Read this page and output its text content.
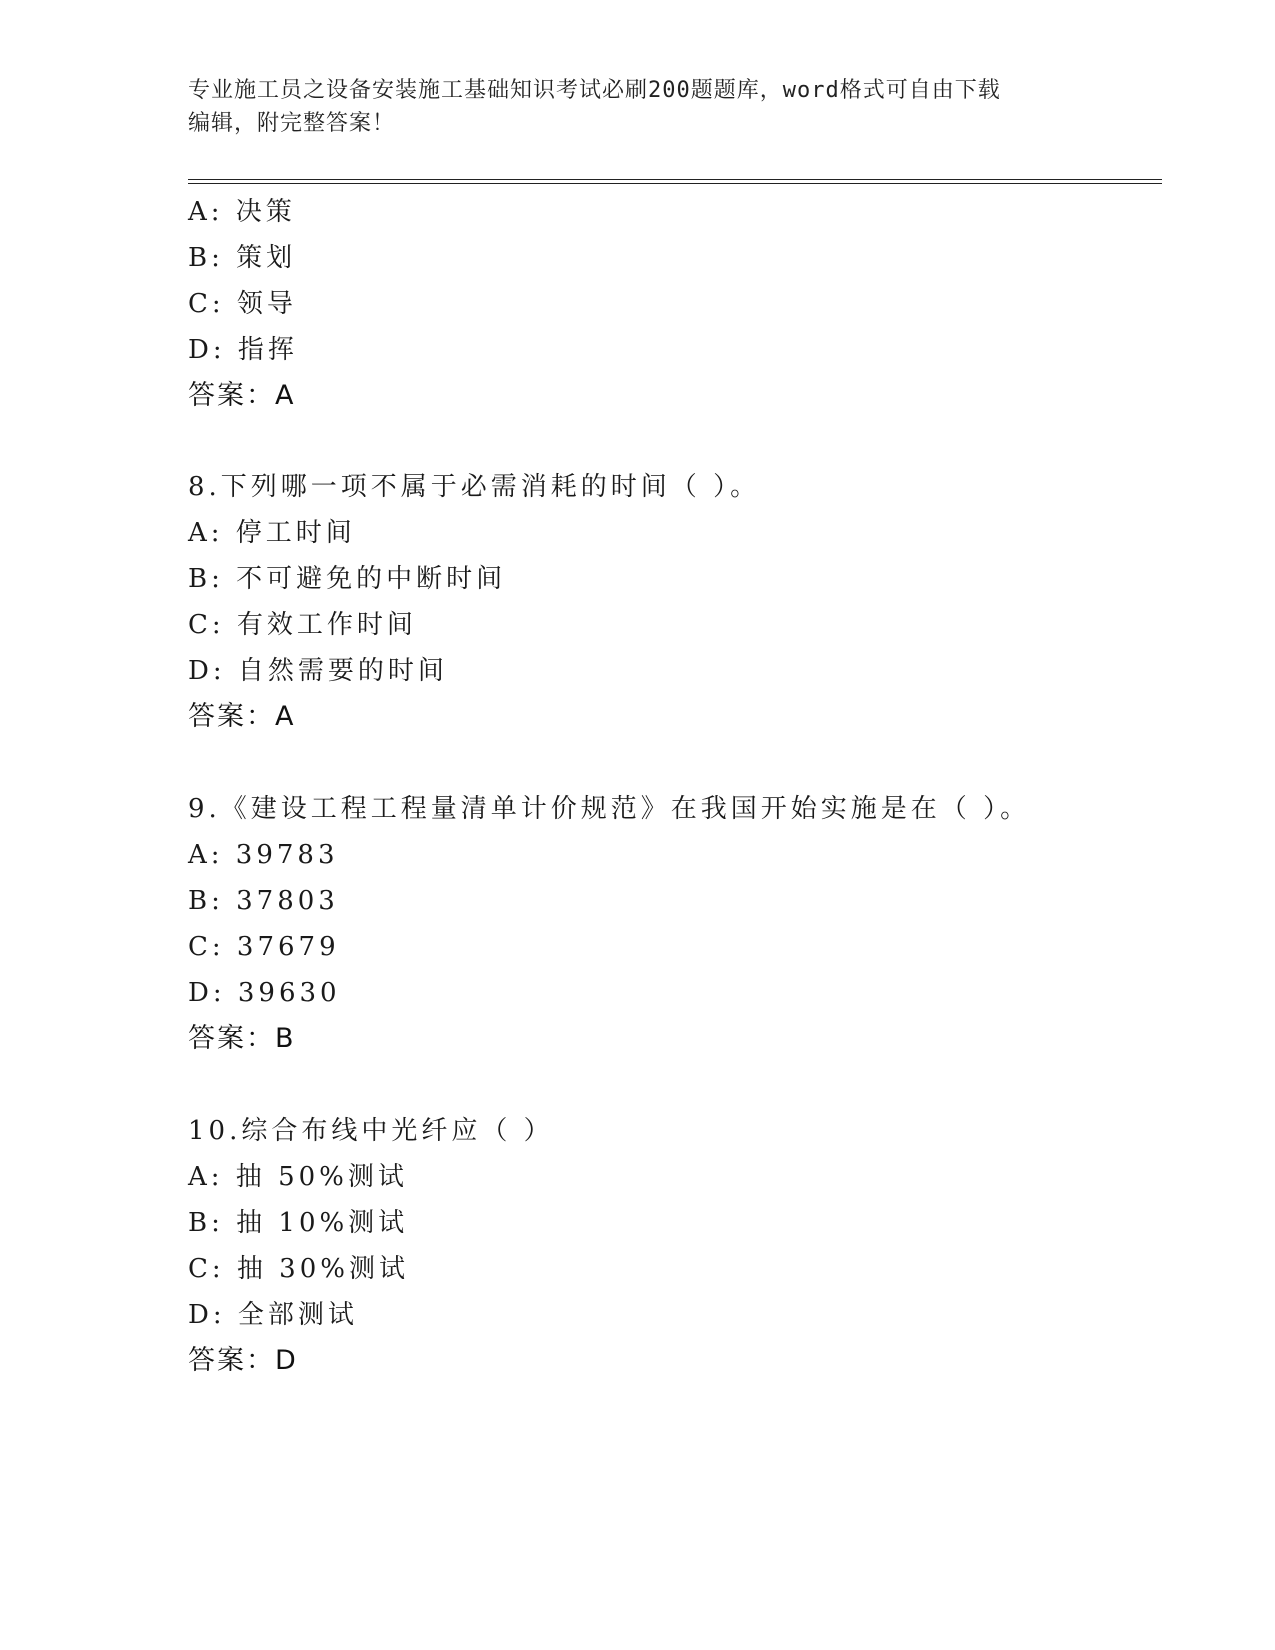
专业施工员之设备安装施工基础知识考试必刷200题题库，word格式可自由下载
编辑，附完整答案！
A: 决策
B: 策划
C: 领导
D: 指挥
答案：A
8.下列哪一项不属于必需消耗的时间（ ）。
A: 停工时间
B: 不可避免的中断时间
C: 有效工作时间
D: 自然需要的时间
答案：A
9.《建设工程工程量清单计价规范》在我国开始实施是在（ ）。
A: 39783
B: 37803
C: 37679
D: 39630
答案：B
10.综合布线中光纤应（ ）
A: 抽 50%测试
B: 抽 10%测试
C: 抽 30%测试
D: 全部测试
答案：D
